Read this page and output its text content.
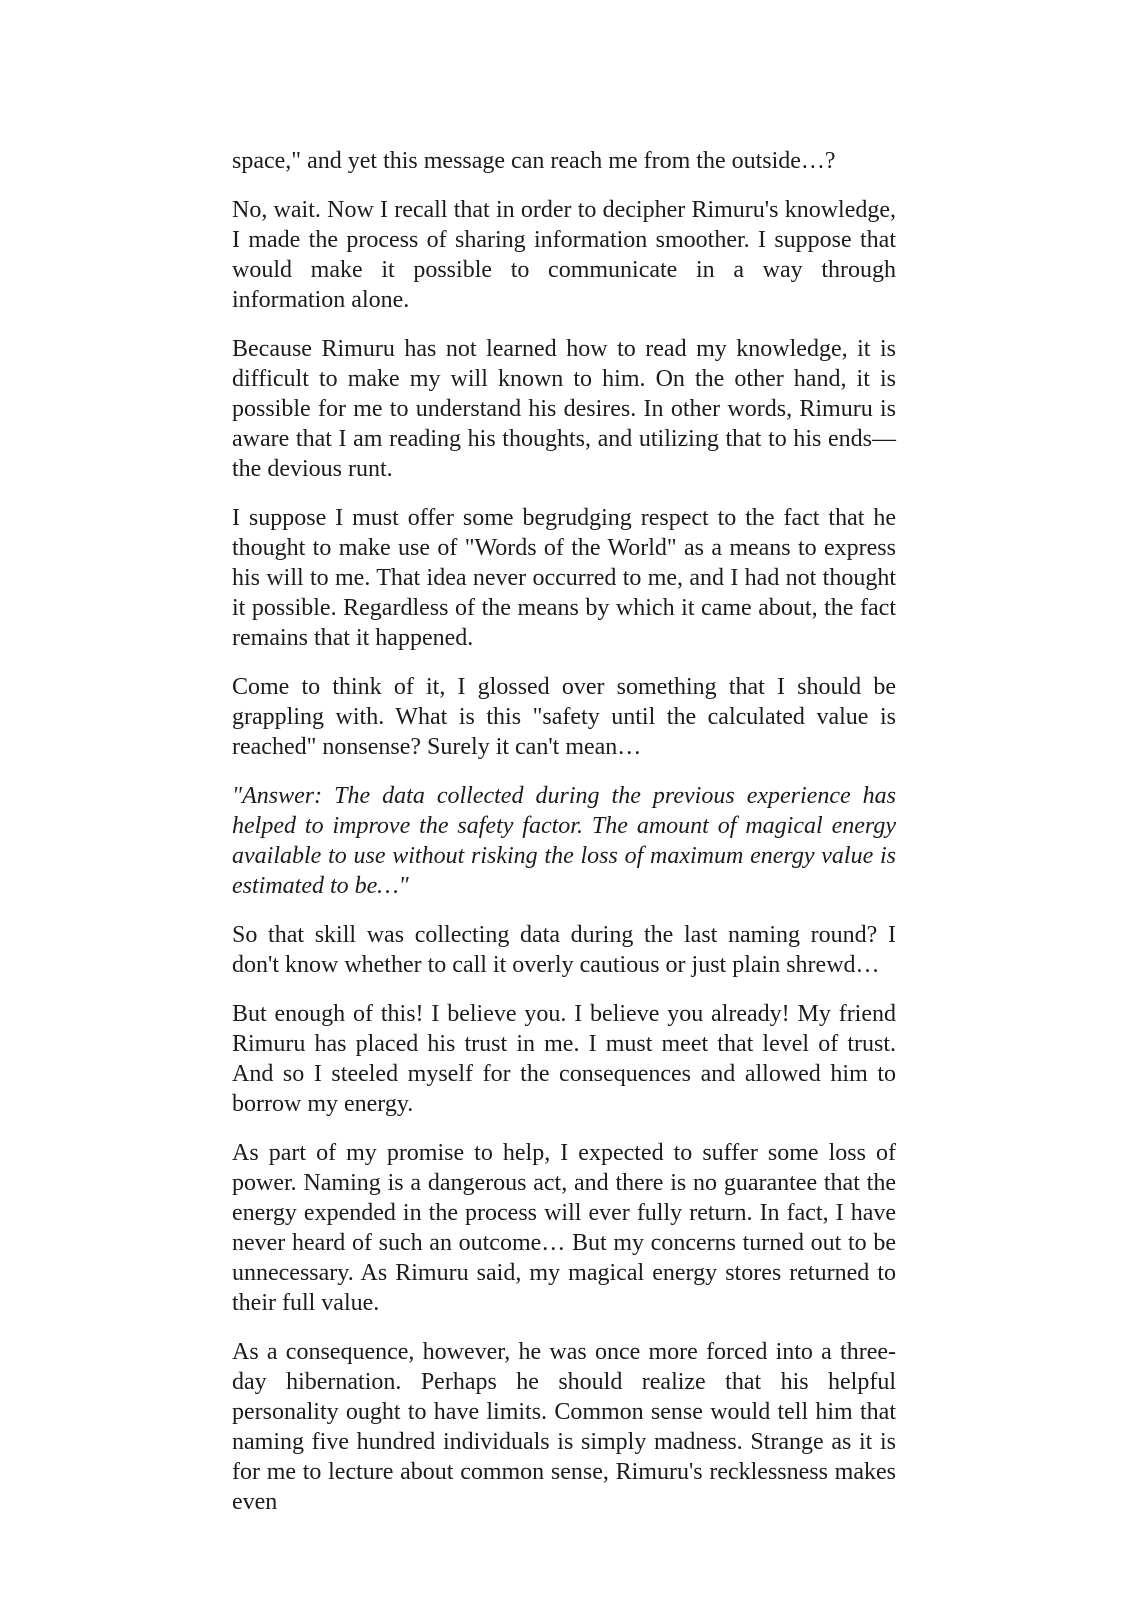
space," and yet this message can reach me from the outside…?

No, wait. Now I recall that in order to decipher Rimuru's knowledge, I made the process of sharing information smoother. I suppose that would make it possible to communicate in a way through information alone.

Because Rimuru has not learned how to read my knowledge, it is difficult to make my will known to him. On the other hand, it is possible for me to understand his desires. In other words, Rimuru is aware that I am reading his thoughts, and utilizing that to his ends—the devious runt.

I suppose I must offer some begrudging respect to the fact that he thought to make use of "Words of the World" as a means to express his will to me. That idea never occurred to me, and I had not thought it possible. Regardless of the means by which it came about, the fact remains that it happened.

Come to think of it, I glossed over something that I should be grappling with. What is this "safety until the calculated value is reached" nonsense? Surely it can't mean…

"Answer: The data collected during the previous experience has helped to improve the safety factor. The amount of magical energy available to use without risking the loss of maximum energy value is estimated to be…"

So that skill was collecting data during the last naming round? I don't know whether to call it overly cautious or just plain shrewd…

But enough of this! I believe you. I believe you already! My friend Rimuru has placed his trust in me. I must meet that level of trust. And so I steeled myself for the consequences and allowed him to borrow my energy.

As part of my promise to help, I expected to suffer some loss of power. Naming is a dangerous act, and there is no guarantee that the energy expended in the process will ever fully return. In fact, I have never heard of such an outcome… But my concerns turned out to be unnecessary. As Rimuru said, my magical energy stores returned to their full value.

As a consequence, however, he was once more forced into a three-day hibernation. Perhaps he should realize that his helpful personality ought to have limits. Common sense would tell him that naming five hundred individuals is simply madness. Strange as it is for me to lecture about common sense, Rimuru's recklessness makes even
